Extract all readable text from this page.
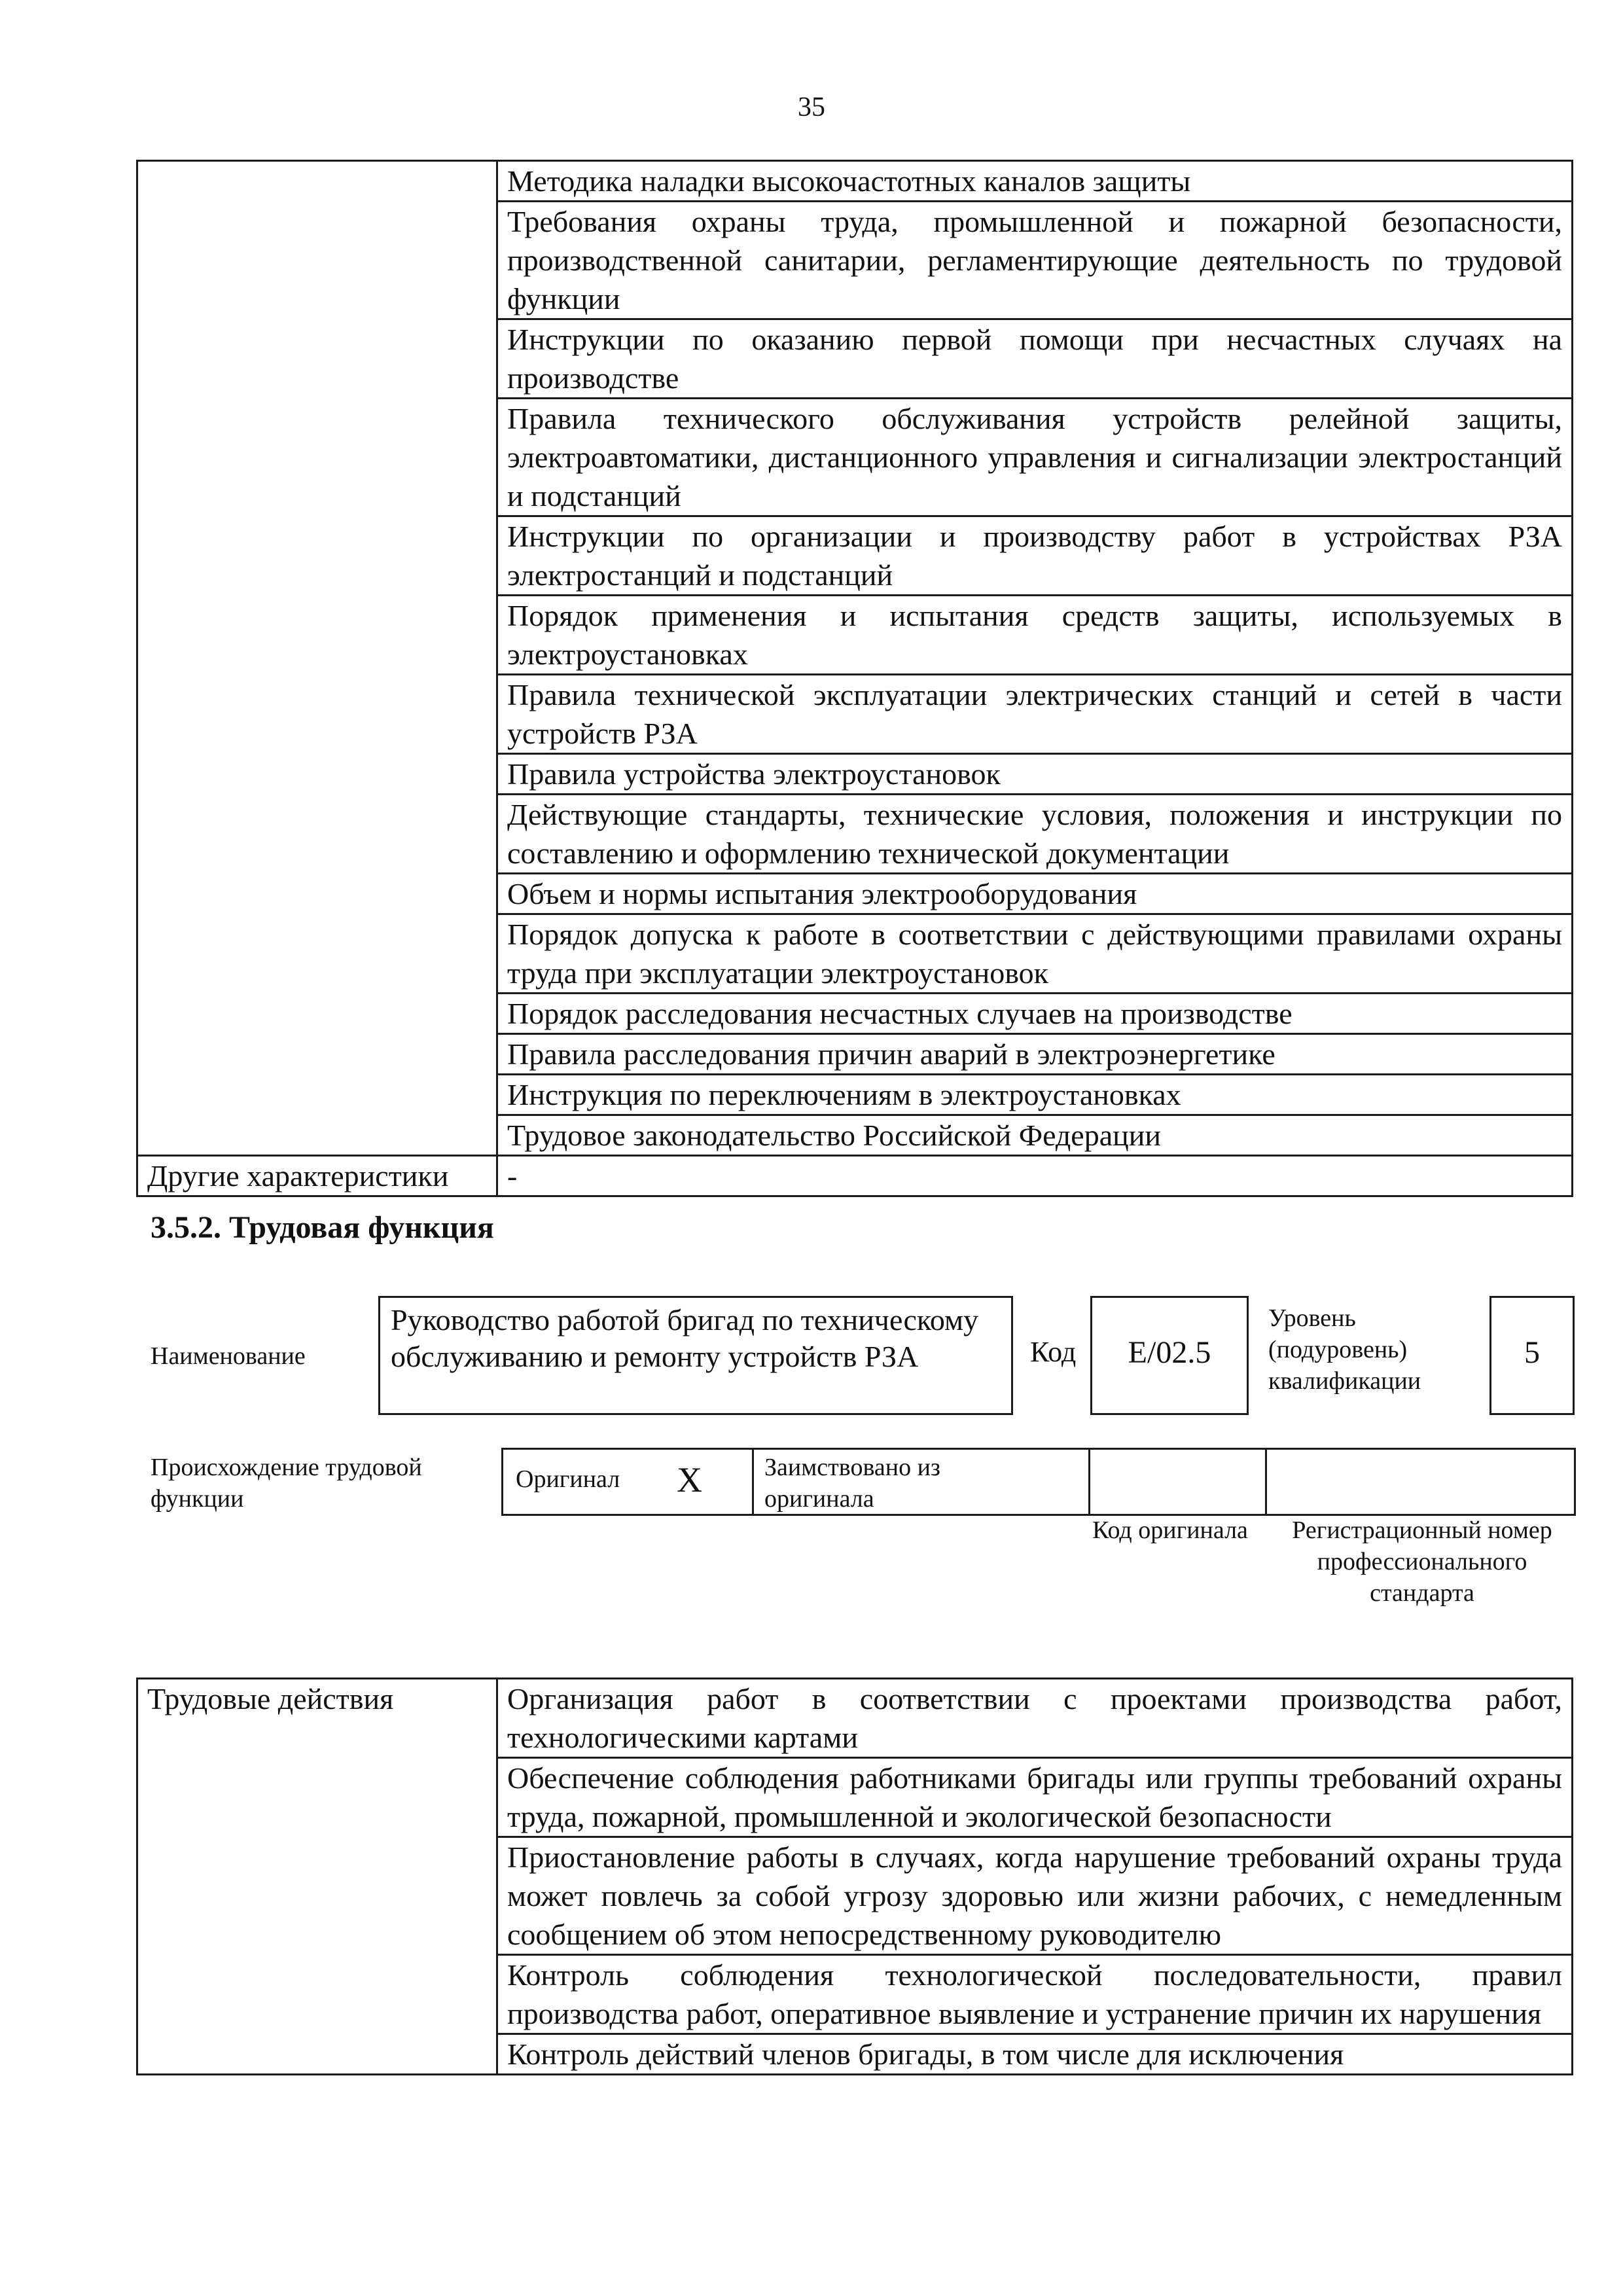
35
	Методика наладки высокочастотных каналов защиты
	Требования охраны труда, промышленной и пожарной безопасности, производственной санитарии, регламентирующие деятельность по трудовой функции
	Инструкции по оказанию первой помощи при несчастных случаях на производстве
	Правила технического обслуживания устройств релейной защиты, электроавтоматики, дистанционного управления и сигнализации электростанций и подстанций
	Инструкции по организации и производству работ в устройствах РЗА электростанций и подстанций
	Порядок применения и испытания средств защиты, используемых в электроустановках
	Правила технической эксплуатации электрических станций и сетей в части устройств РЗА
	Правила устройства электроустановок
	Действующие стандарты, технические условия, положения и инструкции по составлению и оформлению технической документации
	Объем и нормы испытания электрооборудования
	Порядок допуска к работе в соответствии с действующими правилами охраны труда при эксплуатации электроустановок
	Порядок расследования несчастных случаев на производстве
	Правила расследования причин аварий в электроэнергетике
	Инструкция по переключениям в электроустановках
	Трудовое законодательство Российской Федерации
Другие характеристики	-
3.5.2. Трудовая функция
Наименование
Руководство работой бригад по техническому обслуживанию и ремонту устройств РЗА	Код	E/02.5
Уровень (подуровень) квалификации
5
Происхождение трудовой функции
Оригинал X	Заимствовано из оригинала
Код оригинала	Регистрационный номер профессионального стандарта
Трудовые действия	Организация работ в соответствии с проектами производства работ, технологическими картами
Обеспечение соблюдения работниками бригады или группы требований охраны труда, пожарной, промышленной и экологической безопасности
Приостановление работы в случаях, когда нарушение требований охраны труда может повлечь за собой угрозу здоровью или жизни рабочих, с немедленным сообщением об этом непосредственному руководителю
Контроль соблюдения технологической последовательности, правил производства работ, оперативное выявление и устранение причин их нарушения
Контроль действий членов бригады, в том числе для исключения
